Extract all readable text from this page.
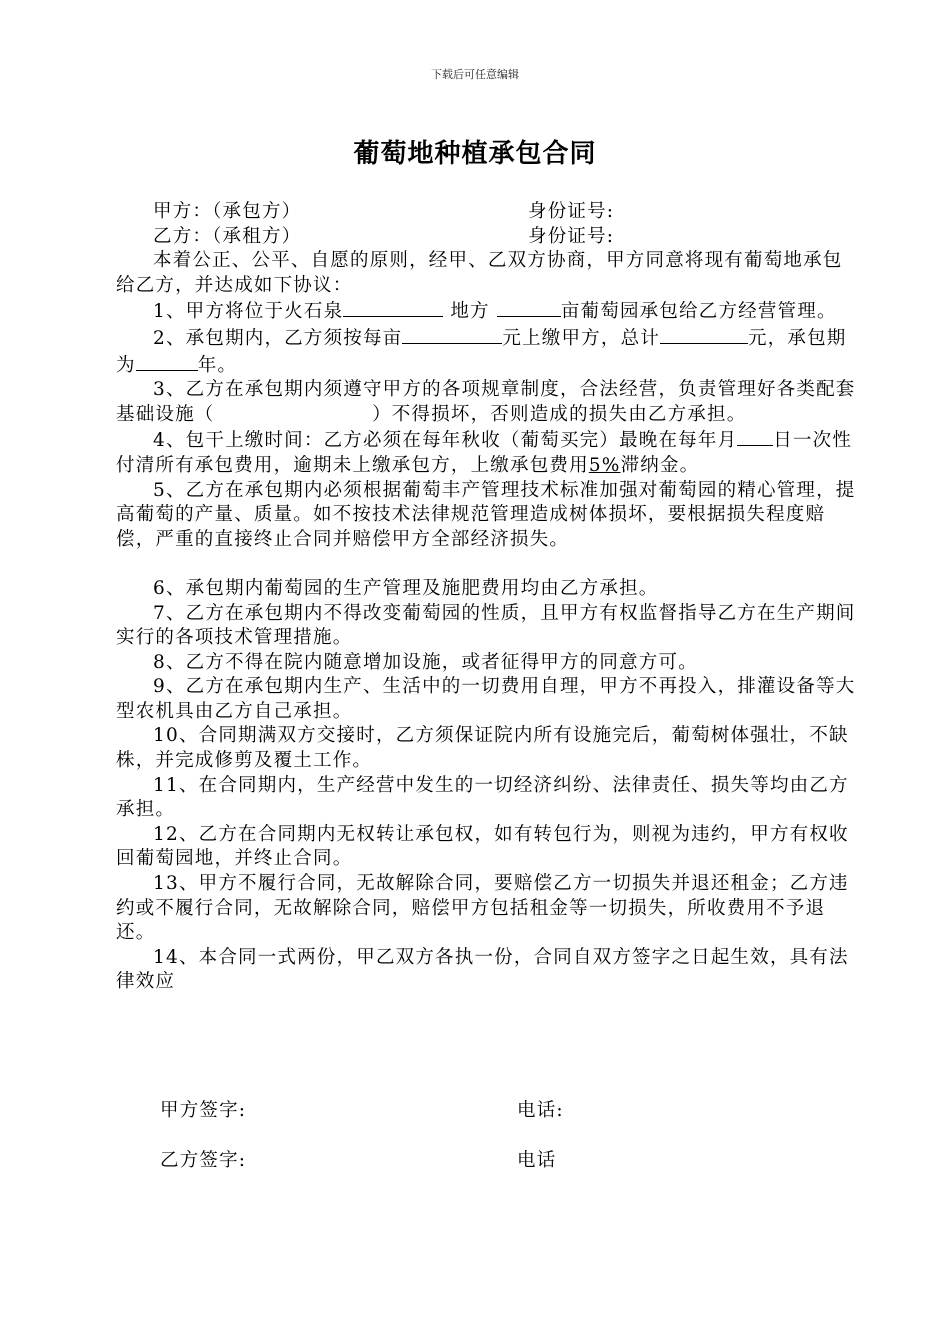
下载后可任意编辑
葡萄地种植承包合同
甲方：（承包方）	身份证号:
乙方：（承租方）	身份证号:

本着公正、公平、自愿的原则，经甲、乙双方协商，甲方同意将现有葡萄地承包给乙方，并达成如下协议：

1、甲方将位于火石泉	地方	亩葡萄园承包给乙方经营管理。

2、承包期内，乙方须按每亩	元上缴甲方，总计	元，承包期为	年。

3、乙方在承包期内须遵守甲方的各项规章制度，合法经营，负责管理好各类配套基础设施（　　　　　　　　）不得损坏，否则造成的损失由乙方承担。

4、包干上缴时间：乙方必须在每年秋收（葡萄买完）最晚在每年月 日一次性付清所有承包费用，逾期未上缴承包方，上缴承包费用5%滞纳金。

5、乙方在承包期内必须根据葡萄丰产管理技术标准加强对葡萄园的精心管理，提高葡萄的产量、质量。如不按技术法律规范管理造成树体损坏，要根据损失程度赔偿，严重的直接终止合同并赔偿甲方全部经济损失。

6、承包期内葡萄园的生产管理及施肥费用均由乙方承担。

7、乙方在承包期内不得改变葡萄园的性质，且甲方有权监督指导乙方在生产期间实行的各项技术管理措施。

8、乙方不得在院内随意增加设施，或者征得甲方的同意方可。

9、乙方在承包期内生产、生活中的一切费用自理，甲方不再投入，排灌设备等大型农机具由乙方自己承担。

10、合同期满双方交接时，乙方须保证院内所有设施完后，葡萄树体强壮，不缺株，并完成修剪及覆土工作。

11、在合同期内，生产经营中发生的一切经济纠纷、法律责任、损失等均由乙方承担。

12、乙方在合同期内无权转让承包权，如有转包行为，则视为违约，甲方有权收回葡萄园地，并终止合同。

13、甲方不履行合同，无故解除合同，要赔偿乙方一切损失并退还租金；乙方违约或不履行合同，无故解除合同，赔偿甲方包括租金等一切损失，所收费用不予退还。

14、本合同一式两份，甲乙双方各执一份，合同自双方签字之日起生效，具有法律效应

甲方签字:	电话:
乙方签字:	电话
